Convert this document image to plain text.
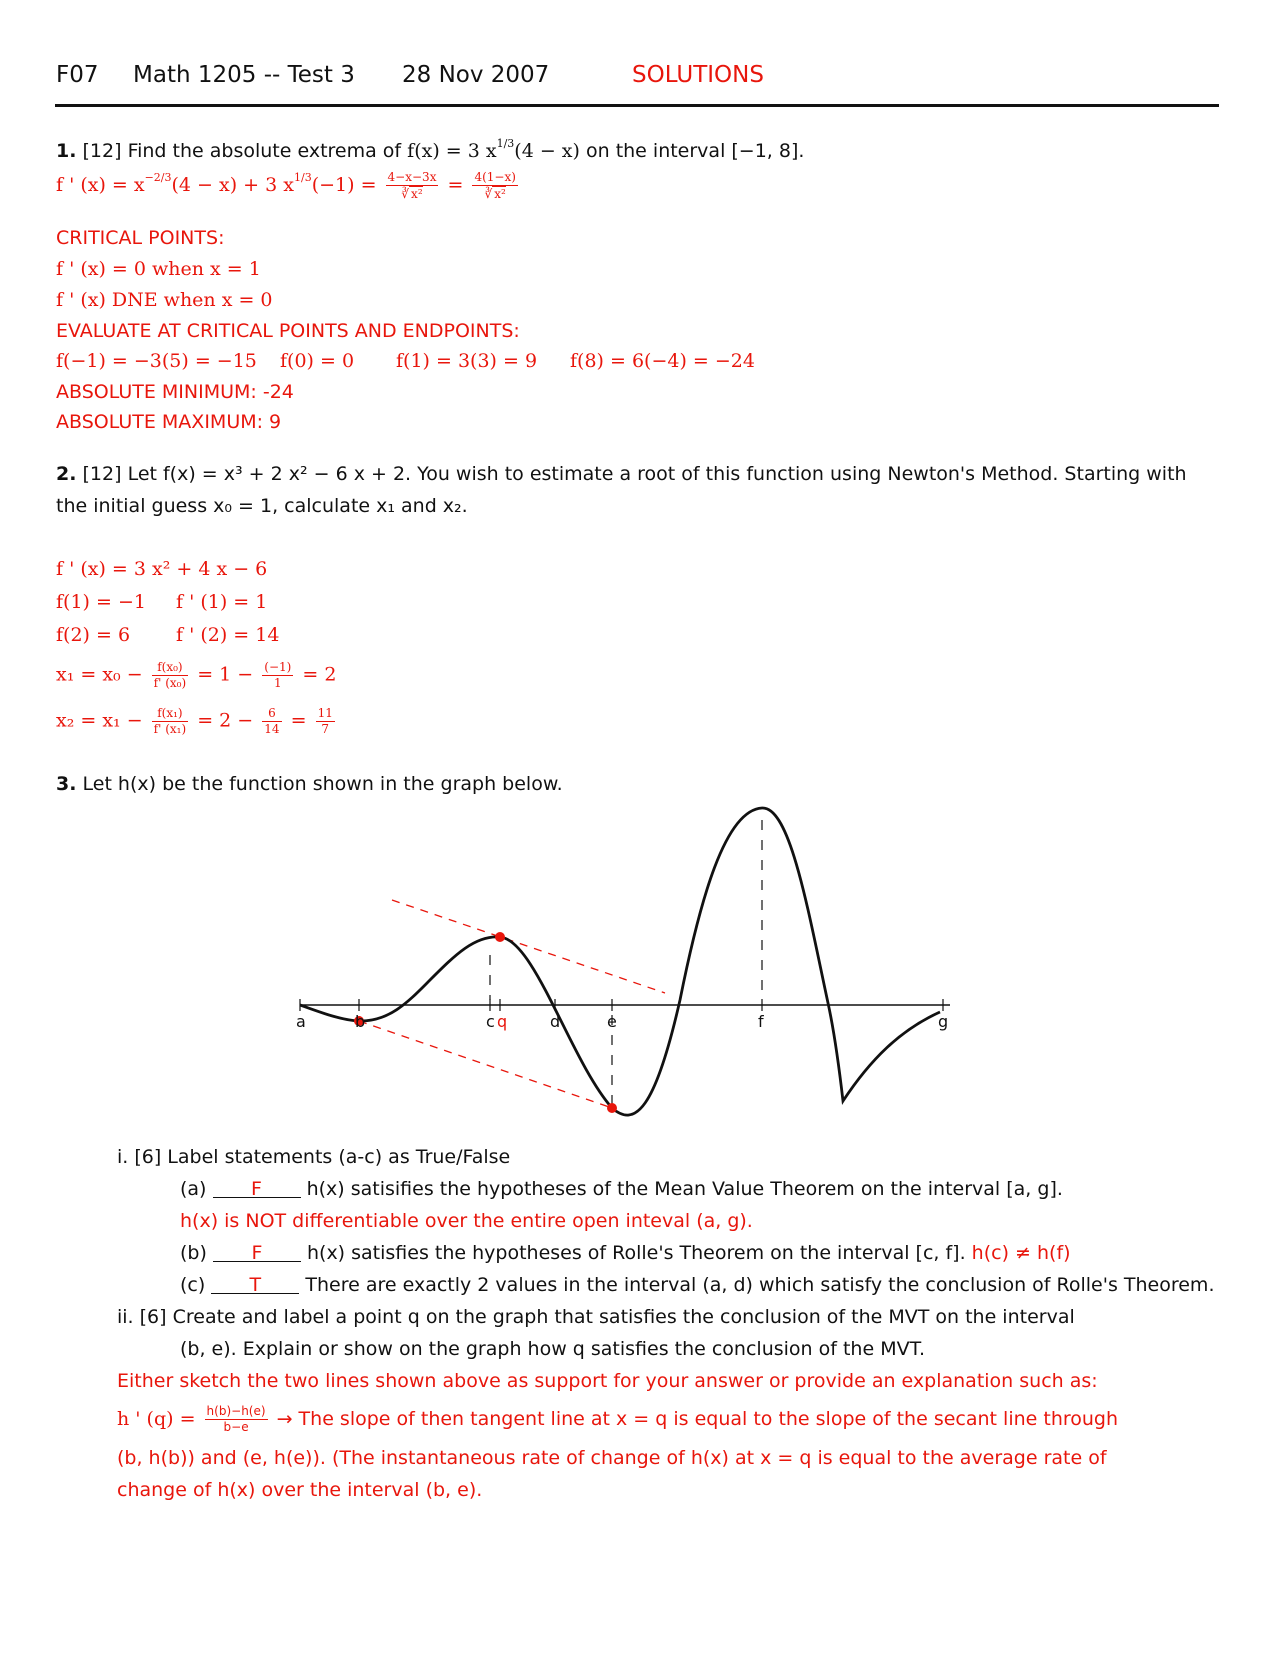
F07 Math 1205 -- Test 3 28 Nov 2007	SOLUTIONS
1. [12] Find the absolute extrema of f(x) = 3 $x^{1/3}(4 - x)$ on the interval [−1, 8].
f ' $(x) = x^{-2/3}(4 - x) + 3$ $x^{1/3}(-1) = \frac{4-x-3x}{\text{∛ x²}} = \frac{4(1-x)}{\text{∛ x²}}$
CRITICAL POINTS:
f ' (x) = 0 when x = 1
f ' (x) DNE when x = 0
EVALUATE AT CRITICAL POINTS AND ENDPOINTS:
f(−1) = −3(5) = −15 f(0) = 0 f(1) = 3(3) = 9 f(8) = 6(−4) = −24
ABSOLUTE MINIMUM: -24
ABSOLUTE MAXIMUM: 9
2. [12] Let f(x) = x³ + 2 x² − 6 x + 2. You wish to estimate a root of this function using Newton's Method. Starting with
the initial guess x₀ = 1, calculate x₁ and x₂.
f ' (x) = 3 x² + 4 x − 6
f(1) = −1 f ' (1) = 1
f(2) = 6 f ' (2) = 14
$x_1 = x_0 - \frac{\text{f(x₀)}}{\text{f' (x₀)}} = 1 - \frac{(-1)}{1} = 2$
$x_2 = x_1 - \frac{\text{f(x₁)}}{\text{f' (x₁)}} = 2 - \frac{6}{14} = \frac{11}{7}$
3. Let h(x) be the function shown in the graph below.
a	b	c q	d	e	f	g
i. [6] Label statements (a-c) as True/False
(a) F h(x) satisifies the hypotheses of the Mean Value Theorem on the interval [a, g].
h(x) is NOT differentiable over the entire open inteval (a, g).
(b) F h(x) satisfies the hypotheses of Rolle's Theorem on the interval [c, f]. h(c) ≠ h(f)
(c) T There are exactly 2 values in the interval (a, d) which satisfy the conclusion of Rolle's Theorem.
ii. [6] Create and label a point q on the graph that satisfies the conclusion of the MVT on the interval
(b, e). Explain or show on the graph how q satisfies the conclusion of the MVT.
Either sketch the two lines shown above as support for your answer or provide an explanation such as:
h ' $(q) = \frac{h(b)-h(e)}{b-e}$ → The slope of then tangent line at x = q is equal to the slope of the secant line through
(b, h(b)) and (e, h(e)). (The instantaneous rate of change of h(x) at x = q is equal to the average rate of
change of h(x) over the interval (b, e).
